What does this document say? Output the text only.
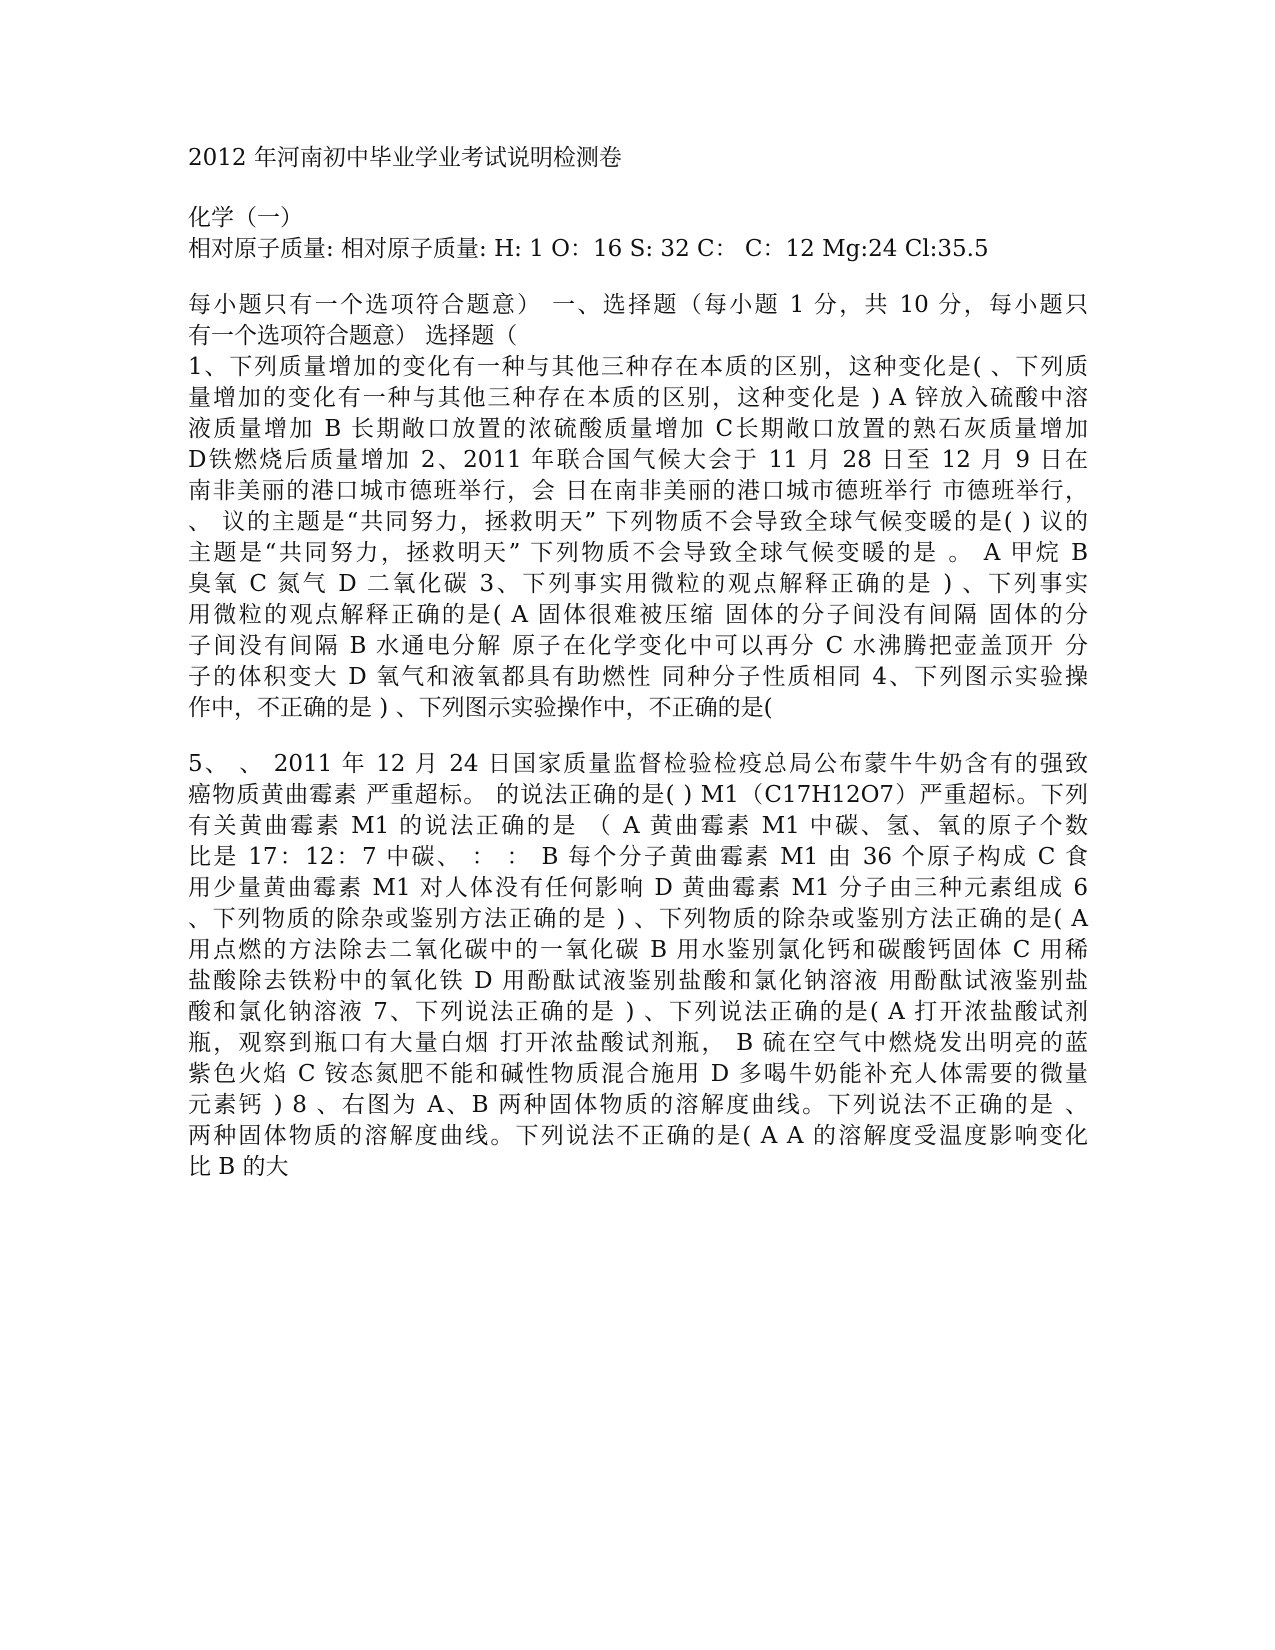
2012 年河南初中毕业学业考试说明检测卷
化学（一）
相对原子质量: 相对原子质量: H: 1 O：16 S: 32 C： C：12 Mg:24 Cl:35.5
每小题只有一个选项符合题意） 一、选择题（每小题 1 分，共 10 分，每小题只
有一个选项符合题意） 选择题（
1、下列质量增加的变化有一种与其他三种存在本质的区别，这种变化是( 、下列质
量增加的变化有一种与其他三种存在本质的区别，这种变化是 ) A 锌放入硫酸中溶
液质量增加 B 长期敞口放置的浓硫酸质量增加 C长期敞口放置的熟石灰质量增加
D铁燃烧后质量增加 2、2011 年联合国气候大会于 11 月 28 日至 12 月 9 日在
南非美丽的港口城市德班举行，会 日在南非美丽的港口城市德班举行 市德班举行，
、 议的主题是“共同努力，拯救明天” 下列物质不会导致全球气候变暖的是( ) 议的
主题是“共同努力，拯救明天” 下列物质不会导致全球气候变暖的是 。 A 甲烷 B
臭氧 C 氮气 D 二氧化碳 3、下列事实用微粒的观点解释正确的是 ) 、下列事实
用微粒的观点解释正确的是( A 固体很难被压缩 固体的分子间没有间隔 固体的分
子间没有间隔 B 水通电分解 原子在化学变化中可以再分 C 水沸腾把壶盖顶开 分
子的体积变大 D 氧气和液氧都具有助燃性 同种分子性质相同 4、下列图示实验操
作中，不正确的是 ) 、下列图示实验操作中，不正确的是(
5、 、 2011 年 12 月 24 日国家质量监督检验检疫总局公布蒙牛牛奶含有的强致
癌物质黄曲霉素 严重超标。 的说法正确的是( ) M1（C17H12O7）严重超标。下列
有关黄曲霉素 M1 的说法正确的是 （ A 黄曲霉素 M1 中碳、氢、氧的原子个数
比是 17：12：7 中碳、 ： ： B 每个分子黄曲霉素 M1 由 36 个原子构成 C 食
用少量黄曲霉素 M1 对人体没有任何影响 D 黄曲霉素 M1 分子由三种元素组成 6
、下列物质的除杂或鉴别方法正确的是 ) 、下列物质的除杂或鉴别方法正确的是( A
用点燃的方法除去二氧化碳中的一氧化碳 B 用水鉴别氯化钙和碳酸钙固体 C 用稀
盐酸除去铁粉中的氧化铁 D 用酚酞试液鉴别盐酸和氯化钠溶液 用酚酞试液鉴别盐
酸和氯化钠溶液 7、下列说法正确的是 ) 、下列说法正确的是( A 打开浓盐酸试剂
瓶，观察到瓶口有大量白烟 打开浓盐酸试剂瓶， B 硫在空气中燃烧发出明亮的蓝
紫色火焰 C 铵态氮肥不能和碱性物质混合施用 D 多喝牛奶能补充人体需要的微量
元素钙 ) 8 、右图为 A、B 两种固体物质的溶解度曲线。下列说法不正确的是 、
两种固体物质的溶解度曲线。下列说法不正确的是( A A 的溶解度受温度影响变化
比 B 的大
